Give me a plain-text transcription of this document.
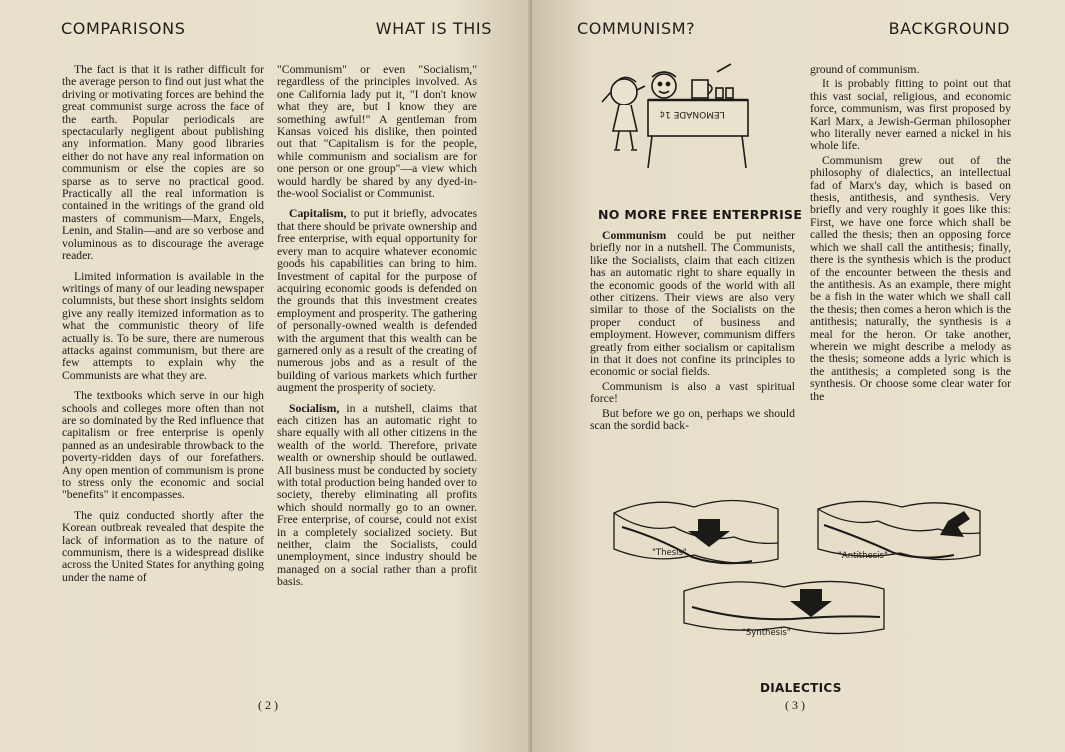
COMPARISONS	WHAT IS THIS

The fact is that it is rather difficult for the average person to find out just what the driving or motivating forces are behind the great communist surge across the face of the earth. Popular periodicals are spectacularly negligent about publishing any information. Many good libraries either do not have any real information on communism or else the copies are so sparse as to serve no practical good. Practically all the real information is contained in the writings of the grand old masters of communism—Marx, Engels, Lenin, and Stalin—and are so verbose and voluminous as to discourage the average reader.

Limited information is available in the writings of many of our leading newspaper columnists, but these short insights seldom give any really itemized information as to what the communistic theory of life actually is. To be sure, there are numerous attacks against communism, but there are few attempts to explain why the Communists are what they are.

The textbooks which serve in our high schools and colleges more often than not are so dominated by the Red influence that capitalism or free enterprise is openly panned as an undesirable throwback to the poverty-ridden days of our forefathers. Any open mention of communism is prone to stress only the economic and social "benefits" it encompasses.

The quiz conducted shortly after the Korean outbreak revealed that despite the lack of information as to the nature of communism, there is a widespread dislike across the United States for anything going under the name of

"Communism" or even "Socialism," regardless of the principles involved. As one California lady put it, "I don't know what they are, but I know they are something awful!" A gentleman from Kansas voiced his dislike, then pointed out that "Capitalism is for the people, while communism and socialism are for one person or one group"—a view which would hardly be shared by any dyed-in-the-wool Socialist or Communist.

Capitalism, to put it briefly, advocates that there should be private ownership and free enterprise, with equal opportunity for every man to acquire whatever economic goods his capabilities can bring to him. Investment of capital for the purpose of acquiring economic goods is defended on the grounds that this investment creates employment and prosperity. The gathering of personally-owned wealth is defended with the argument that this wealth can be garnered only as a result of the creating of numerous jobs and as a result of the building of various markets which further augment the prosperity of society.

Socialism, in a nutshell, claims that each citizen has an automatic right to share equally with all other citizens in the wealth of the world. Therefore, private wealth or ownership should be outlawed. All business must be conducted by society with total production being handed over to society, thereby eliminating all profits which should normally go to an owner. Free enterprise, of course, could not exist in a completely socialized society. But neither, claim the Socialists, could unemployment, since industry should be managed on a social rather than a profit basis.

( 2 )
COMMUNISM?	BACKGROUND
LEMONADE 1¢
NO MORE FREE ENTERPRISE

Communism could be put neither briefly nor in a nutshell. The Communists, like the Socialists, claim that each citizen has an automatic right to share equally in the economic goods of the world with all other citizens. Their views are also very similar to those of the Socialists on the proper conduct of business and employment. However, communism differs greatly from either socialism or capitalism in that it does not confine its principles to economic or social fields.

Communism is also a vast spiritual force!

But before we go on, perhaps we should scan the sordid back-

ground of communism.

It is probably fitting to point out that this vast social, religious, and economic force, communism, was first proposed by Karl Marx, a Jewish-German philosopher who literally never earned a nickel in his whole life.

Communism grew out of the philosophy of dialectics, an intellectual fad of Marx's day, which is based on thesis, antithesis, and synthesis. Very briefly and very roughly it goes like this: First, we have one force which shall be called the thesis; then an opposing force which we shall call the antithesis; finally, there is the synthesis which is the product of the encounter between the thesis and the antithesis. As an example, there might be a fish in the water which we shall call the thesis; then comes a heron which is the antithesis; naturally, the synthesis is a meal for the heron. Or take another, wherein we might describe a melody as the thesis; someone adds a lyric which is the antithesis; a completed song is the synthesis. Or choose some clear water for the

"Thesis"	"Antithesis"
"Synthesis"
DIALECTICS
( 3 )
